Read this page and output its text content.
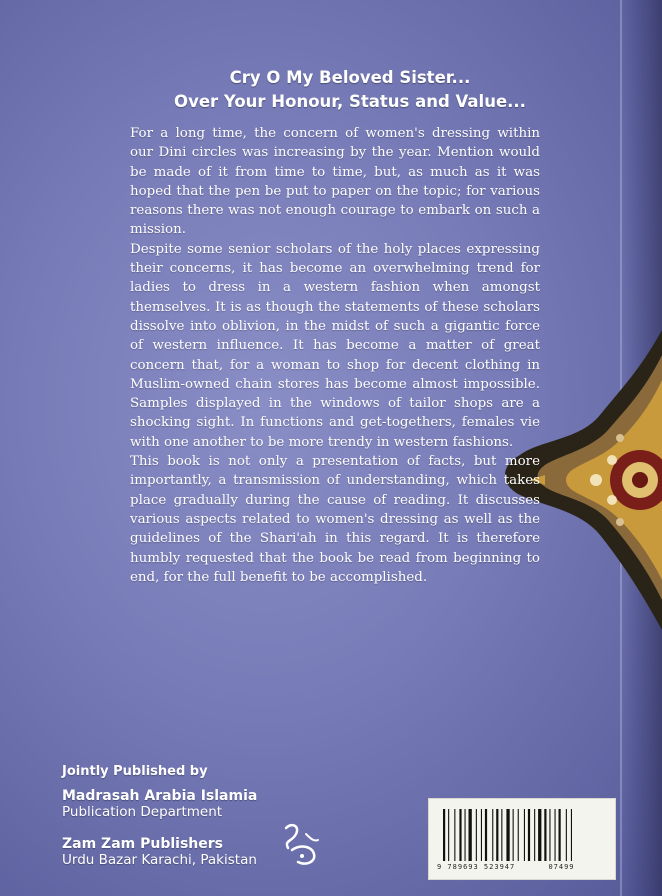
Cry O My Beloved Sister...
Over Your Honour, Status and Value...

For a long time, the concern of women's dressing within our Dini circles was increasing by the year. Mention would be made of it from time to time, but, as much as it was hoped that the pen be put to paper on the topic; for various reasons there was not enough courage to embark on such a mission.

Despite some senior scholars of the holy places expressing their concerns, it has become an overwhelming trend for ladies to dress in a western fashion when amongst themselves. It is as though the statements of these scholars dissolve into oblivion, in the midst of such a gigantic force of western influence. It has become a matter of great concern that, for a woman to shop for decent clothing in Muslim-owned chain stores has become almost impossible. Samples displayed in the windows of tailor shops are a shocking sight. In functions and get-togethers, females vie with one another to be more trendy in western fashions.

This book is not only a presentation of facts, but more importantly, a transmission of understanding, which takes place gradually during the cause of reading. It discusses various aspects related to women's dressing as well as the guidelines of the Shari'ah in this regard. It is therefore humbly requested that the book be read from beginning to end, for the full benefit to be accomplished.

Jointly Published by
Madrasah Arabia Islamia
Publication Department
Zam Zam Publishers
Urdu Bazar Karachi, Pakistan	9 789693 523947	07499
